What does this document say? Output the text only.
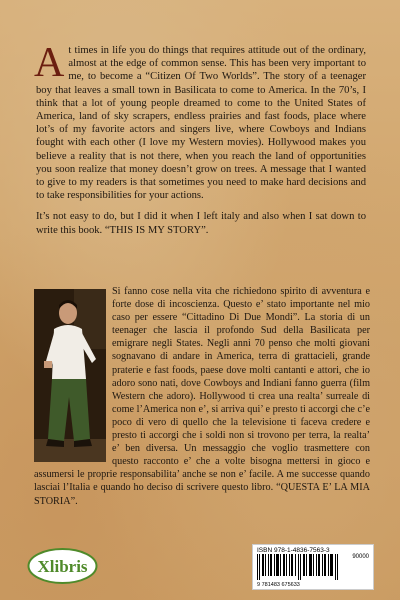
At times in life you do things that requires attitude out of the ordinary, almost at the edge of common sense. This has been very important to me, to become a “Citizen Of Two Worlds”. The story of a teenager boy that leaves a small town in Basilicata to come to America. In the 70’s, I think that a lot of young people dreamed to come to the United States of America, land of sky scrapers, endless prairies and fast foods, place where lot’s of my favorite actors and singers live, where Cowboys and Indians fought with each other (I love my Western movies). Hollywood makes you believe a reality that is not there, when you reach the land of opportunities you soon realize that money doesn’t grow on trees. A message that I wanted to give to my readers is that sometimes you need to make hard decisions and to take responsibilities for your actions.

It’s not easy to do, but I did it when I left italy and also when I sat down to write this book. “THIS IS MY STORY”.

Si fanno cose nella vita che richiedono spirito di avventura e forte dose di incoscienza. Questo e’ stato importante nel mio caso per essere “Cittadino Di Due Mondi”. La storia di un teenager che lascia il profondo Sud della Basilicata per emigrare negli States. Negli anni 70 penso che molti giovani sognavano di andare in America, terra di grattacieli, grande praterie e fast foods, paese dove molti cantanti e attori, che io adoro sono nati, dove Cowboys and Indiani fanno guerra (film Western che adoro). Hollywood ti crea una realta’ surreale di come l’America non e’, si arriva qui’ e presto ti accorgi che c’e poco di vero di quello che la televisione ti faceva credere e presto ti accorgi che i soldi non si trovono per terra, la realta’ e’ ben diversa. Un messaggio che voglio trasmettere con questo racconto e’ che a volte bisogna mettersi in gioco e assumersi le proprie responsabilita’ anche se non e’ facile. A me successe quando lasciai l’Italia e quando ho deciso di scrivere questo libro. “QUESTA E’ LA MIA STORIA”.

Xlibris
ISBN 978-1-4836-7563-3
90000
9 781483 675633
